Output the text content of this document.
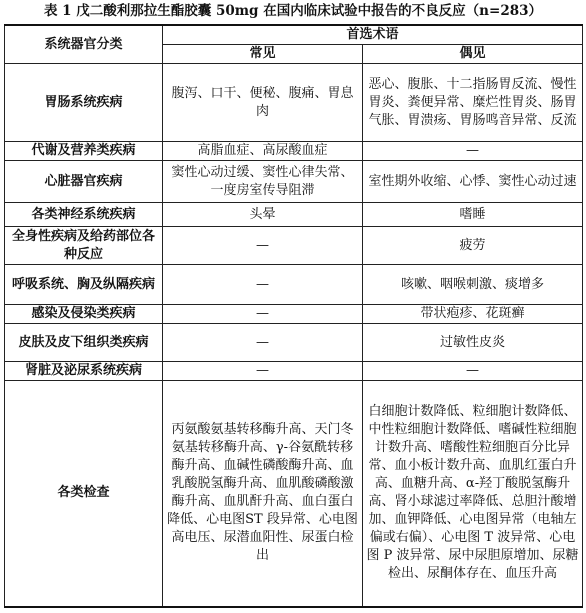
表 1 戊二酸利那拉生酯胶囊 50mg 在国内临床试验中报告的不良反应（n=283）
系统器官分类	首选术语	
	常见	偶见
胃肠系统疾病	腹泻、口干、便秘、腹痛、胃息肉	恶心、腹胀、十二指肠胃反流、慢性胃炎、粪便异常、糜烂性胃炎、肠胃气胀、胃溃疡、胃肠鸣音异常、反流
代谢及营养类疾病	高脂血症、高尿酸血症	—
心脏器官疾病	窦性心动过缓、窦性心律失常、一度房室传导阻滞	室性期外收缩、心悸、窦性心动过速
各类神经系统疾病	头晕	嗜睡
全身性疾病及给药部位各种反应	—	疲劳
呼吸系统、胸及纵隔疾病	—	咳嗽、咽喉刺激、痰增多
感染及侵染类疾病	—	带状疱疹、花斑癣
皮肤及皮下组织类疾病	—	过敏性皮炎
肾脏及泌尿系统疾病	—	—
各类检查	丙氨酸氨基转移酶升高、天门冬氨基转移酶升高、γ-谷氨酰转移酶升高、血碱性磷酸酶升高、血乳酸脱氢酶升高、血肌酸磷酸激酶升高、血肌酐升高、血白蛋白降低、心电图ST 段异常、心电图高电压、尿潜血阳性、尿蛋白检出	白细胞计数降低、粒细胞计数降低、中性粒细胞计数降低、嗜碱性粒细胞计数升高、嗜酸性粒细胞百分比异常、血小板计数升高、血肌红蛋白升高、血糖升高、α-羟丁酸脱氢酶升高、肾小球滤过率降低、总胆汁酸增加、血钾降低、心电图异常（电轴左偏或右偏）、心电图 T 波异常、心电图 P 波异常、尿中尿胆原增加、尿糖检出、尿酮体存在、血压升高
